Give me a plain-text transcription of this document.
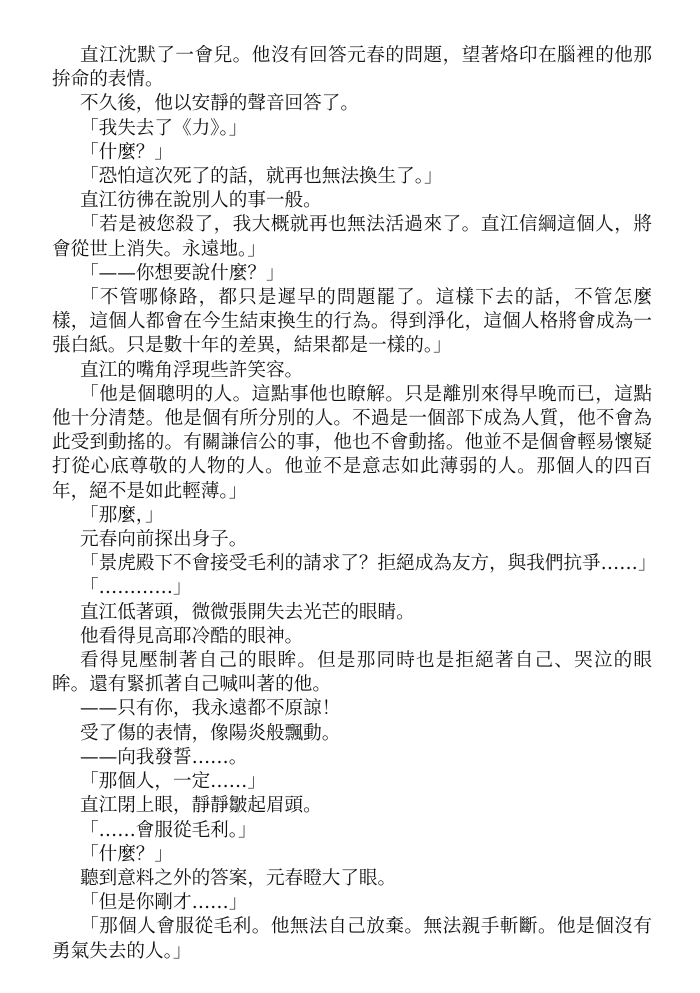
直江沈默了一會兒。他沒有回答元春的問題，望著烙印在腦裡的他那拚命的表情。

不久後，他以安靜的聲音回答了。

「我失去了《力》。」

「什麼？」

「恐怕這次死了的話，就再也無法換生了。」

直江彷彿在說別人的事一般。

「若是被您殺了，我大概就再也無法活過來了。直江信綱這個人，將會從世上消失。永遠地。」

「——你想要說什麼？」

「不管哪條路，都只是遲早的問題罷了。這樣下去的話，不管怎麼樣，這個人都會在今生結束換生的行為。得到淨化，這個人格將會成為一張白紙。只是數十年的差異，結果都是一樣的。」

直江的嘴角浮現些許笑容。

「他是個聰明的人。這點事他也瞭解。只是離別來得早晚而已，這點他十分清楚。他是個有所分別的人。不過是一個部下成為人質，他不會為此受到動搖的。有關謙信公的事，他也不會動搖。他並不是個會輕易懷疑打從心底尊敬的人物的人。他並不是意志如此薄弱的人。那個人的四百年，絕不是如此輕薄。」

「那麼，」

元春向前探出身子。

「景虎殿下不會接受毛利的請求了？拒絕成為友方，與我們抗爭……」

「…………」

直江低著頭，微微張開失去光芒的眼睛。

他看得見高耶冷酷的眼神。

看得見壓制著自己的眼眸。但是那同時也是拒絕著自己、哭泣的眼眸。還有緊抓著自己喊叫著的他。

——只有你，我永遠都不原諒！

受了傷的表情，像陽炎般飄動。

——向我發誓……。

「那個人，一定……」

直江閉上眼，靜靜皺起眉頭。

「……會服從毛利。」

「什麼？」

聽到意料之外的答案，元春瞪大了眼。

「但是你剛才……」

「那個人會服從毛利。他無法自己放棄。無法親手斬斷。他是個沒有勇氣失去的人。」
